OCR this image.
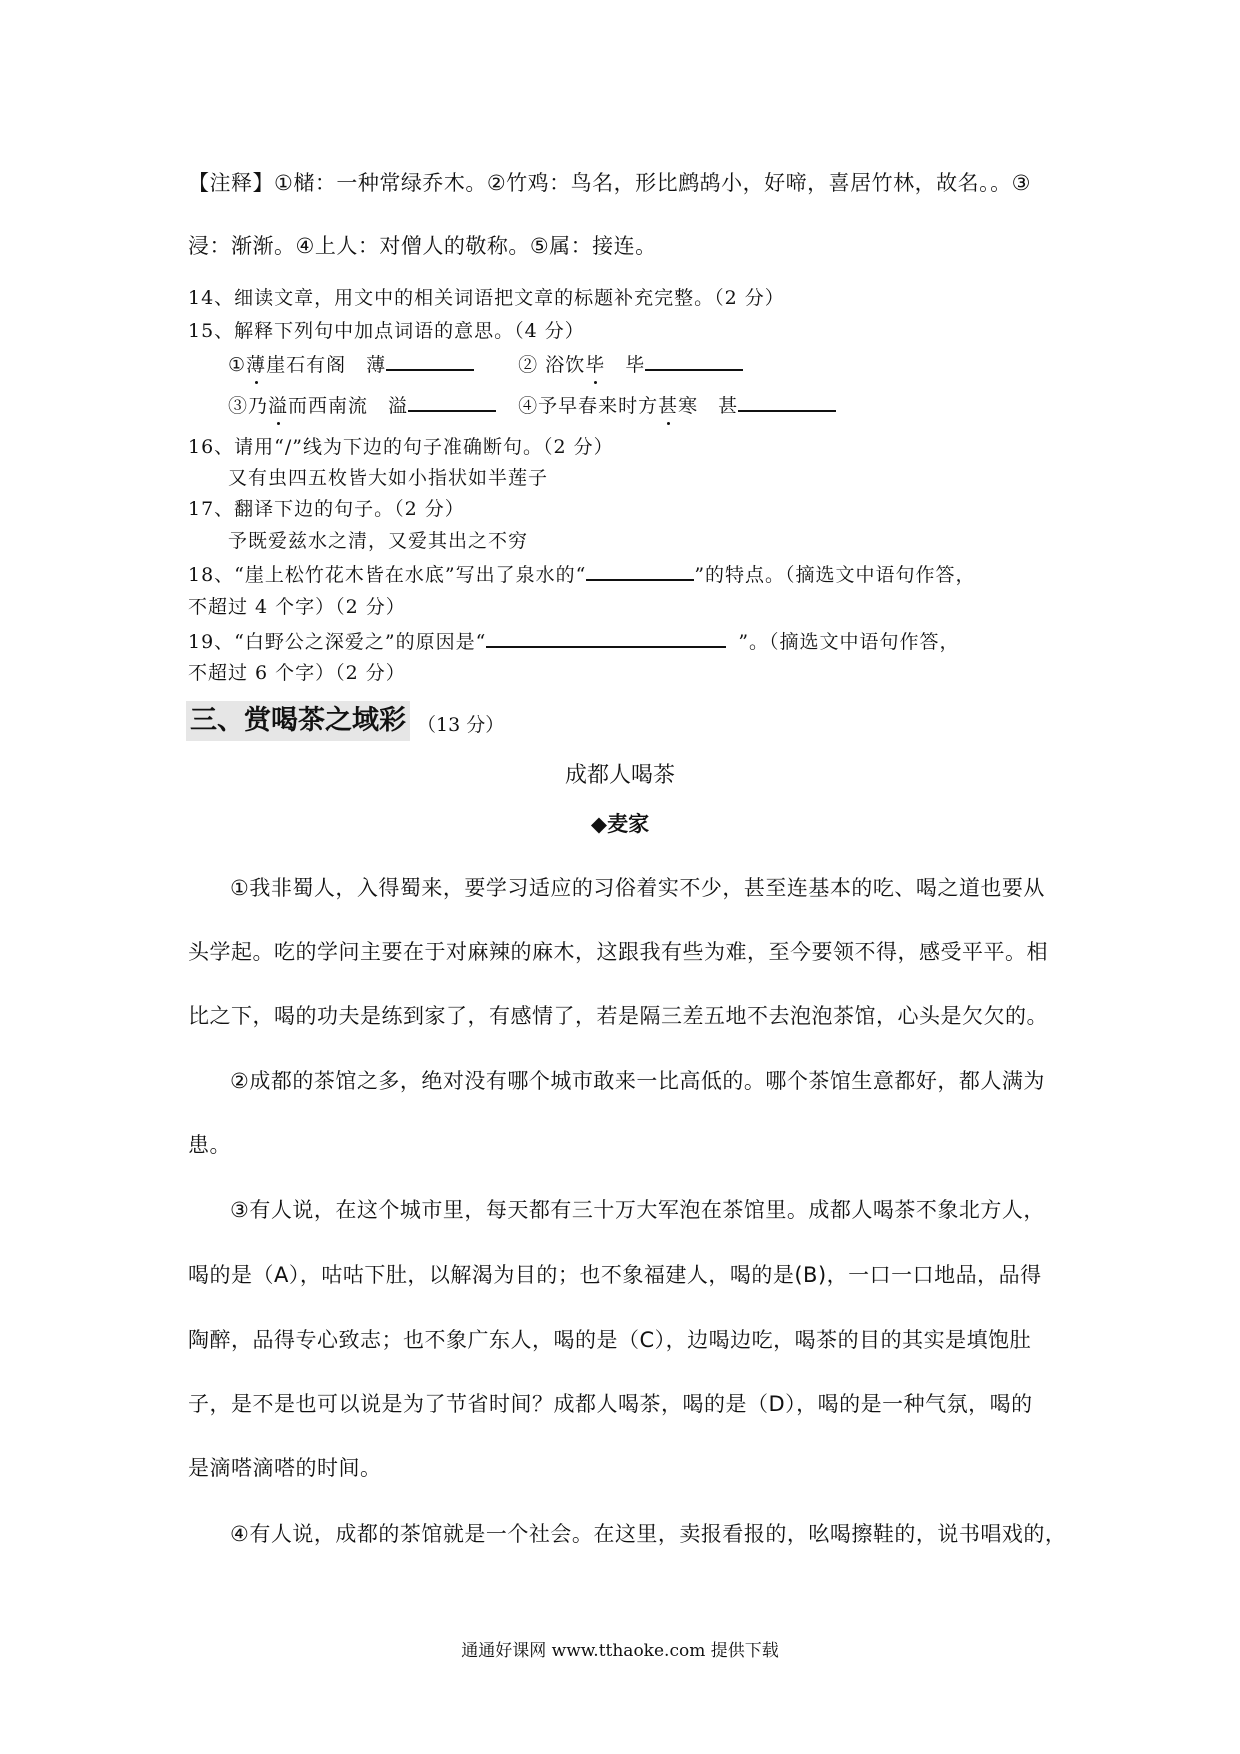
【注释】①槠：一种常绿乔木。②竹鸡：鸟名，形比鹧鸪小，好啼，喜居竹林，故名。。③
浸：渐渐。④上人：对僧人的敬称。⑤属：接连。
14、细读文章，用文中的相关词语把文章的标题补充完整。（2 分）
15、解释下列句中加点词语的意思。（4 分）
①薄崖石有阁　薄	② 浴饮毕　毕
③乃溢而西南流　溢	④予早春来时方甚寒　甚
16、请用“/”线为下边的句子准确断句。（2 分）
又有虫四五枚皆大如小指状如半莲子
17、翻译下边的句子。（2 分）
予既爱兹水之清，又爱其出之不穷
18、“崖上松竹花木皆在水底”写出了泉水的“	”的特点。（摘选文中语句作答，
不超过 4 个字）（2 分）
19、“白野公之深爱之”的原因是“	”。（摘选文中语句作答，
不超过 6 个字）（2 分）
三、赏喝茶之域彩 （13 分）
成都人喝茶
◆麦家
①我非蜀人，入得蜀来，要学习适应的习俗着实不少，甚至连基本的吃、喝之道也要从
头学起。吃的学问主要在于对麻辣的麻木，这跟我有些为难，至今要领不得，感受平平。相
比之下，喝的功夫是练到家了，有感情了，若是隔三差五地不去泡泡茶馆，心头是欠欠的。
②成都的茶馆之多，绝对没有哪个城市敢来一比高低的。哪个茶馆生意都好，都人满为
患。
③有人说，在这个城市里，每天都有三十万大军泡在茶馆里。成都人喝茶不象北方人，
喝的是（A），咕咕下肚，以解渴为目的；也不象福建人，喝的是(B)，一口一口地品，品得
陶醉，品得专心致志；也不象广东人，喝的是（C），边喝边吃，喝茶的目的其实是填饱肚
子，是不是也可以说是为了节省时间？成都人喝茶，喝的是（D），喝的是一种气氛，喝的
是滴嗒滴嗒的时间。
④有人说，成都的茶馆就是一个社会。在这里，卖报看报的，吆喝擦鞋的，说书唱戏的，
通通好课网 www.tthaoke.com 提供下载
